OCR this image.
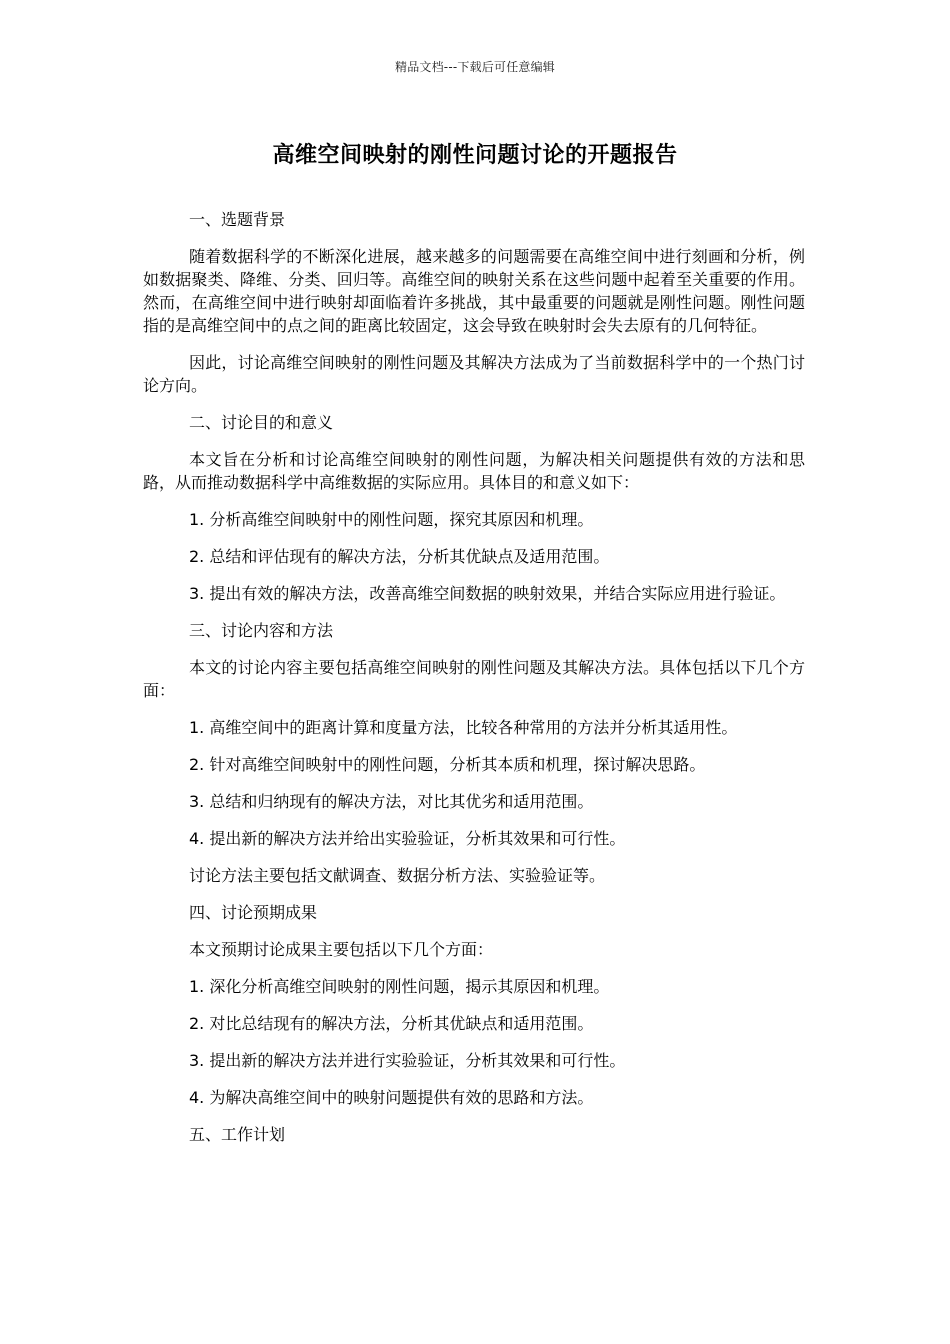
精品文档---下载后可任意编辑
高维空间映射的刚性问题讨论的开题报告

一、选题背景

随着数据科学的不断深化进展，越来越多的问题需要在高维空间中进行刻画和分析，例如数据聚类、降维、分类、回归等。高维空间的映射关系在这些问题中起着至关重要的作用。然而，在高维空间中进行映射却面临着许多挑战，其中最重要的问题就是刚性问题。刚性问题指的是高维空间中的点之间的距离比较固定，这会导致在映射时会失去原有的几何特征。

因此，讨论高维空间映射的刚性问题及其解决方法成为了当前数据科学中的一个热门讨论方向。

二、讨论目的和意义

本文旨在分析和讨论高维空间映射的刚性问题，为解决相关问题提供有效的方法和思路，从而推动数据科学中高维数据的实际应用。具体目的和意义如下：

1. 分析高维空间映射中的刚性问题，探究其原因和机理。

2. 总结和评估现有的解决方法，分析其优缺点及适用范围。

3. 提出有效的解决方法，改善高维空间数据的映射效果，并结合实际应用进行验证。

三、讨论内容和方法

本文的讨论内容主要包括高维空间映射的刚性问题及其解决方法。具体包括以下几个方面：

1. 高维空间中的距离计算和度量方法，比较各种常用的方法并分析其适用性。

2. 针对高维空间映射中的刚性问题，分析其本质和机理，探讨解决思路。

3. 总结和归纳现有的解决方法，对比其优劣和适用范围。

4. 提出新的解决方法并给出实验验证，分析其效果和可行性。

讨论方法主要包括文献调查、数据分析方法、实验验证等。

四、讨论预期成果

本文预期讨论成果主要包括以下几个方面：

1. 深化分析高维空间映射的刚性问题，揭示其原因和机理。

2. 对比总结现有的解决方法，分析其优缺点和适用范围。

3. 提出新的解决方法并进行实验验证，分析其效果和可行性。

4. 为解决高维空间中的映射问题提供有效的思路和方法。

五、工作计划
